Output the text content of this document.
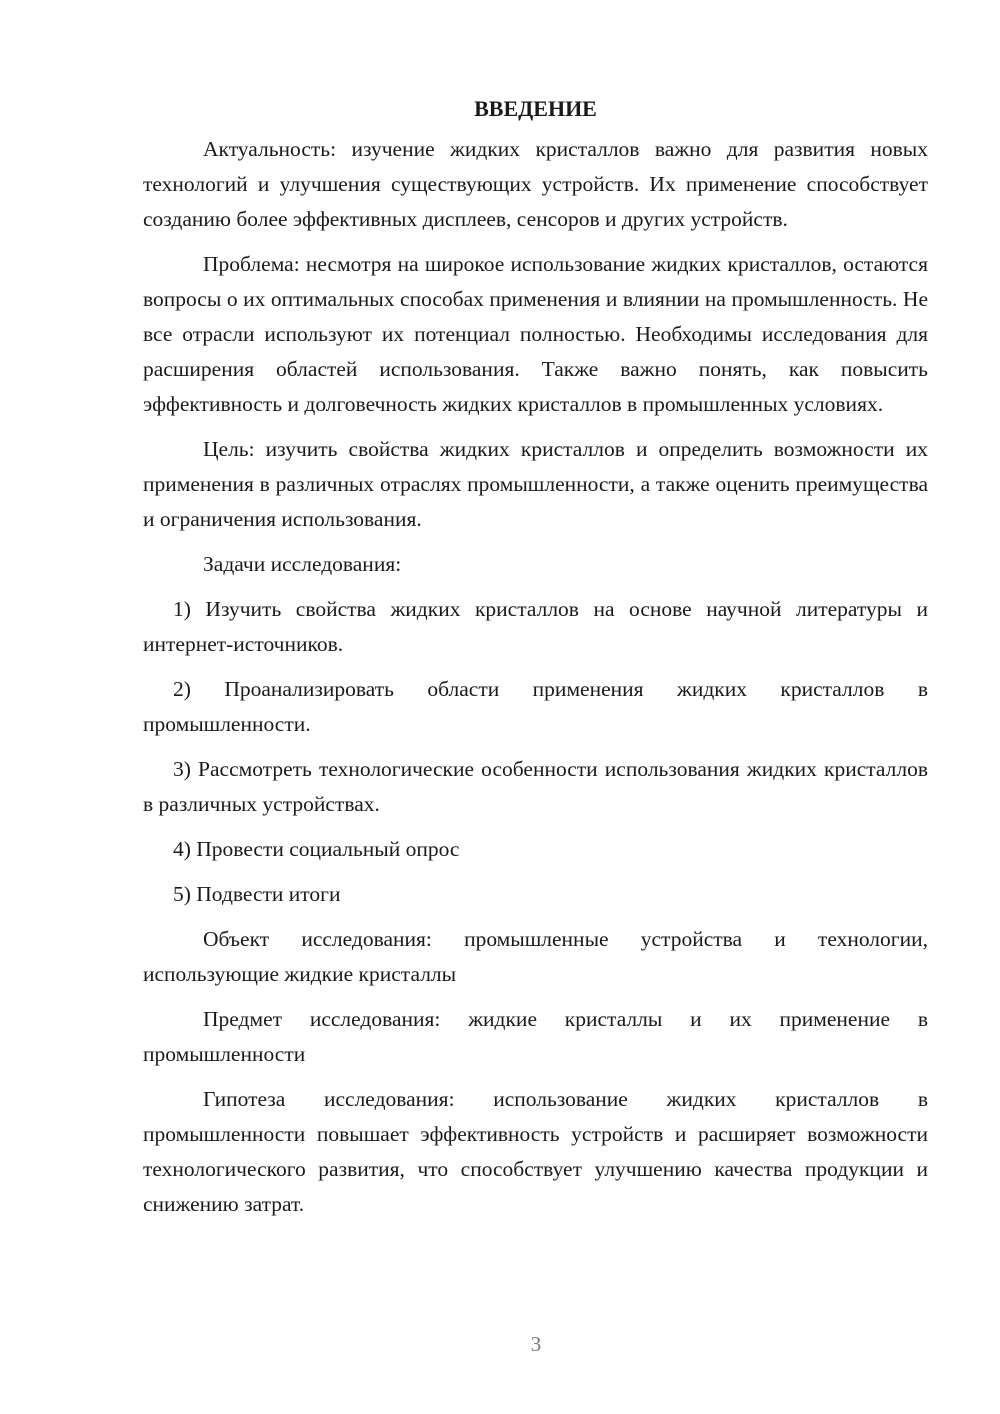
ВВЕДЕНИЕ

Актуальность: изучение жидких кристаллов важно для развития новых технологий и улучшения существующих устройств. Их применение способствует созданию более эффективных дисплеев, сенсоров и других устройств.

Проблема: несмотря на широкое использование жидких кристаллов, остаются вопросы о их оптимальных способах применения и влиянии на промышленность. Не все отрасли используют их потенциал полностью. Необходимы исследования для расширения областей использования. Также важно понять, как повысить эффективность и долговечность жидких кристаллов в промышленных условиях.

Цель: изучить свойства жидких кристаллов и определить возможности их применения в различных отраслях промышленности, а также оценить преимущества и ограничения использования.

Задачи исследования:

1) Изучить свойства жидких кристаллов на основе научной литературы и интернет-источников.

2) Проанализировать области применения жидких кристаллов в промышленности.

3) Рассмотреть технологические особенности использования жидких кристаллов в различных устройствах.

4) Провести социальный опрос

5) Подвести итоги

Объект исследования: промышленные устройства и технологии, использующие жидкие кристаллы

Предмет исследования: жидкие кристаллы и их применение в промышленности

Гипотеза исследования: использование жидких кристаллов в промышленности повышает эффективность устройств и расширяет возможности технологического развития, что способствует улучшению качества продукции и снижению затрат.

3
